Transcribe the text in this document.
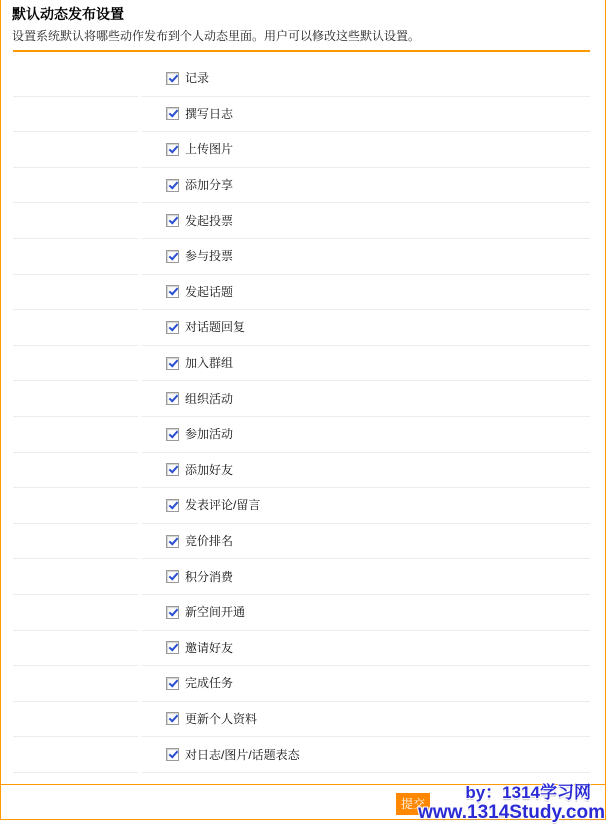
默认动态发布设置
设置系统默认将哪些动作发布到个人动态里面。用户可以修改这些默认设置。
记录
撰写日志
上传图片
添加分享
发起投票
参与投票
发起话题
对话题回复
加入群组
组织活动
参加活动
添加好友
发表评论/留言
竞价排名
积分消费
新空间开通
邀请好友
完成任务
更新个人资料
对日志/图片/话题表态
提交
by：1314学习网
www.1314Study.com
